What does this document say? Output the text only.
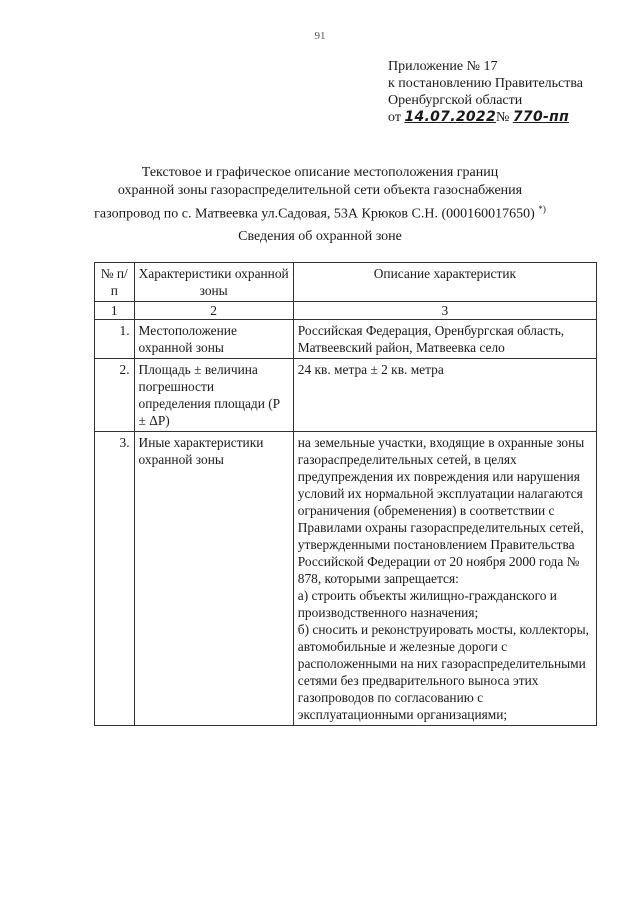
91
Приложение № 17
к постановлению Правительства
Оренбургской области
от 14.07.2022№ 770-пп
Текстовое и графическое описание местоположения границ
охранной зоны газораспределительной сети объекта газоснабжения
газопровод по с. Матвеевка ул.Садовая, 53А Крюков С.Н. (000160017650) *)
Сведения об охранной зоне
№ п/п	Характеристики охранной зоны	Описание характеристик
1	2	3
1.	Местоположение охранной зоны	Российская Федерация, Оренбургская область, Матвеевский район, Матвеевка село

2.	Площадь ± величина погрешности определения площади (P ± ΔP)	24 кв. метра ± 2 кв. метра

3.	Иные характеристики охранной зоны	на земельные участки, входящие в охранные зоны газораспределительных сетей, в целях предупреждения их повреждения или нарушения условий их нормальной эксплуатации налагаются ограничения (обременения) в соответствии с Правилами охраны газораспределительных сетей, утвержденными постановлением Правительства Российской Федерации от 20 ноября 2000 года № 878, которыми запрещается:
а) строить объекты жилищно-гражданского и производственного назначения;
б) сносить и реконструировать мосты, коллекторы, автомобильные и железные дороги с расположенными на них газораспределительными сетями без предварительного выноса этих газопроводов по согласованию с эксплуатационными организациями;
